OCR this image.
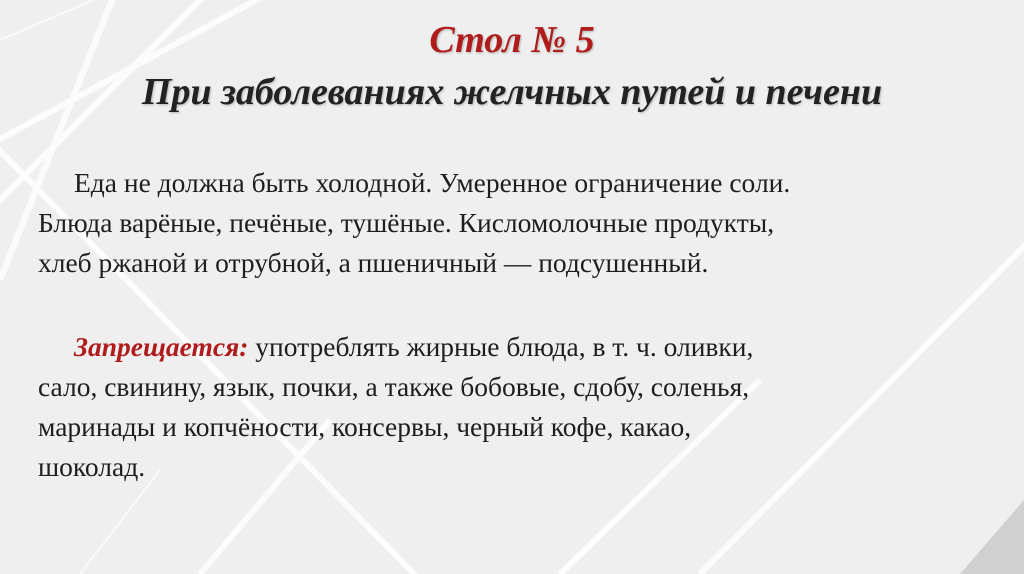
Стол № 5
При заболеваниях желчных путей и печени

Еда не должна быть холодной. Умеренное ограничение соли.
Блюда варёные, печёные, тушёные. Кисломолочные продукты,
хлеб ржаной и отрубной, а пшеничный — подсушенный.

Запрещается: употреблять жирные блюда, в т. ч. оливки,
сало, свинину, язык, почки, а также бобовые, сдобу, соленья,
маринады и копчёности, консервы, черный кофе, какао,
шоколад.
